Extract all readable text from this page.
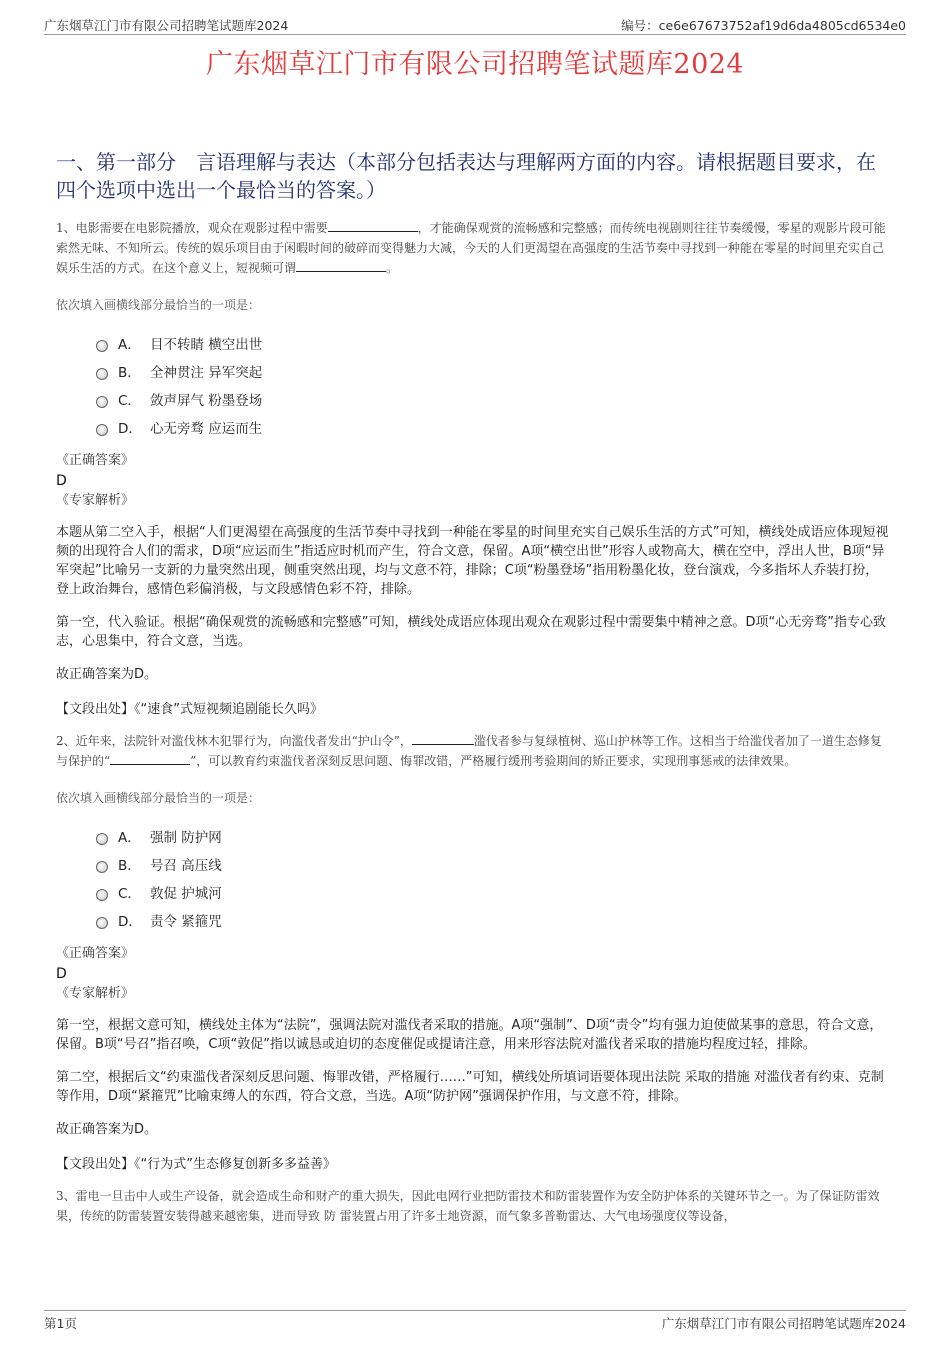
广东烟草江门市有限公司招聘笔试题库2024	编号：ce6e67673752af19d6da4805cd6534e0
广东烟草江门市有限公司招聘笔试题库2024
一、第一部分　言语理解与表达（本部分包括表达与理解两方面的内容。请根据题目要求，在四个选项中选出一个最恰当的答案。）

1、电影需要在电影院播放，观众在观影过程中需要	，才能确保观赏的流畅感和完整感；而传统电视剧则往往节奏缓慢，零星的观影片段可能索然无味、不知所云。传统的娱乐项目由于闲暇时间的破碎而变得魅力大减，今天的人们更渴望在高强度的生活节奏中寻找到一种能在零星的时间里充实自己娱乐生活的方式。在这个意义上，短视频可谓	。

依次填入画横线部分最恰当的一项是：

A． 目不转睛 横空出世
B． 全神贯注 异军突起
C． 敛声屏气 粉墨登场
D． 心无旁骛 应运而生

《正确答案》

D

《专家解析》

本题从第二空入手，根据“人们更渴望在高强度的生活节奏中寻找到一种能在零星的时间里充实自己娱乐生活的方式”可知，横线处成语应体现短视频的出现符合人们的需求，D项“应运而生”指适应时机而产生，符合文意，保留。A项“横空出世”形容人或物高大，横在空中，浮出人世，B项“异军突起”比喻另一支新的力量突然出现，侧重突然出现，均与文意不符，排除；C项“粉墨登场”指用粉墨化妆，登台演戏，今多指坏人乔装打扮，登上政治舞台，感情色彩偏消极，与文段感情色彩不符，排除。

第一空，代入验证。根据“确保观赏的流畅感和完整感”可知，横线处成语应体现出观众在观影过程中需要集中精神之意。D项“心无旁骛”指专心致志，心思集中，符合文意，当选。

故正确答案为D。

【文段出处】《“速食”式短视频追剧能长久吗》

2、近年来，法院针对滥伐林木犯罪行为，向滥伐者发出“护山令”，	滥伐者参与复绿植树、巡山护林等工作。这相当于给滥伐者加了一道生态修复与保护的“	”，可以教育约束滥伐者深刻反思问题、悔罪改错，严格履行缓刑考验期间的矫正要求，实现刑事惩戒的法律效果。

依次填入画横线部分最恰当的一项是：

A． 强制 防护网
B． 号召 高压线
C． 敦促 护城河
D． 责令 紧箍咒

《正确答案》

D

《专家解析》

第一空，根据文意可知，横线处主体为“法院”，强调法院对滥伐者采取的措施。A项“强制”、D项“责令”均有强力迫使做某事的意思，符合文意，保留。B项“号召”指召唤，C项“敦促”指以诚恳或迫切的态度催促或提请注意，用来形容法院对滥伐者采取的措施均程度过轻，排除。

第二空，根据后文“约束滥伐者深刻反思问题、悔罪改错，严格履行……”可知，横线处所填词语要体现出法院 采取的措施 对滥伐者有约束、克制等作用，D项“紧箍咒”比喻束缚人的东西，符合文意，当选。A项“防护网”强调保护作用，与文意不符，排除。

故正确答案为D。

【文段出处】《“行为式”生态修复创新多多益善》

3、雷电一旦击中人或生产设备，就会造成生命和财产的重大损失，因此电网行业把防雷技术和防雷装置作为安全防护体系的关键环节之一。为了保证防雷效果，传统的防雷装置安装得越来越密集，进而导致 防 雷装置占用了许多土地资源，而气象多普勒雷达、大气电场强度仪等设备，

第1页	广东烟草江门市有限公司招聘笔试题库2024
